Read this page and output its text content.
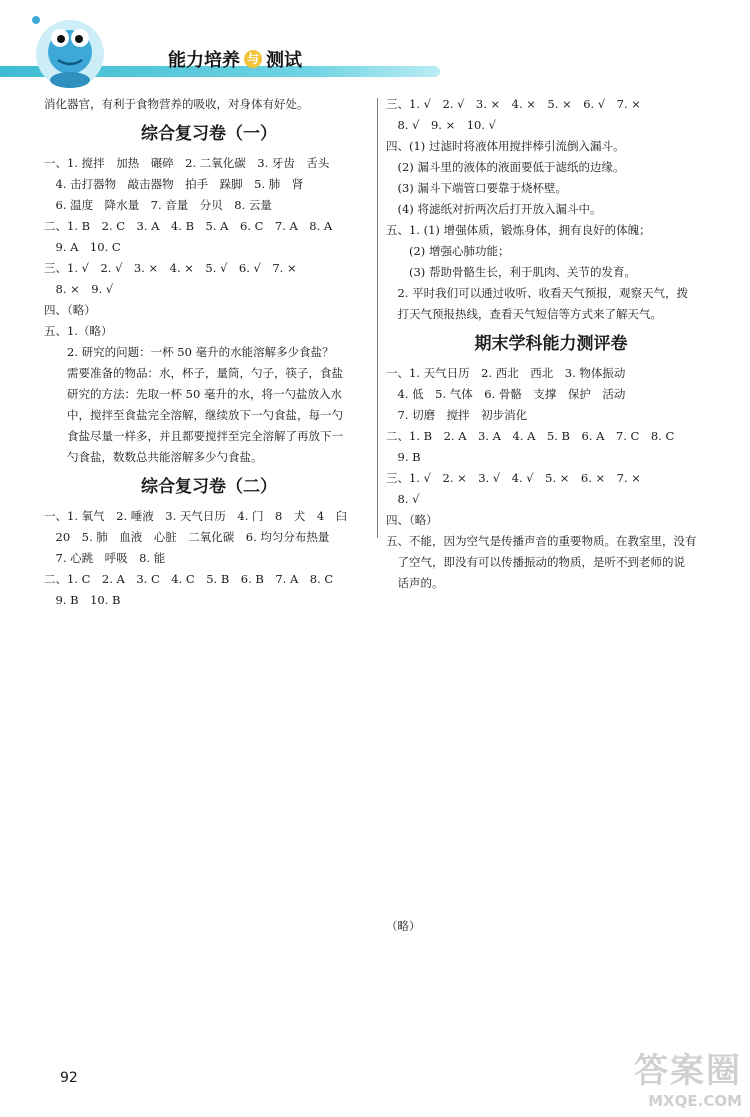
能力培养 与 测试
消化器官，有利于食物营养的吸收，对身体有好处。
综合复习卷（一）
一、1. 搅拌　加热　碾碎　2. 二氧化碳　3. 牙齿　舌头
　4. 击打器物　敲击器物　拍手　跺脚　5. 肺　肾
　6. 温度　降水量　7. 音量　分贝　8. 云量
二、1. B　2. C　3. A　4. B　5. A　6. C　7. A　8. A
　9. A　10. C
三、1. √　2. √　3. ×　4. ×　5. √　6. √　7. ×
　8. ×　9. √
四、（略）
五、1.（略）
　　2. 研究的问题：一杯 50 毫升的水能溶解多少食盐？
　　需要准备的物品：水，杯子，量筒，勺子，筷子，食盐
　　研究的方法：先取一杯 50 毫升的水，将一勺盐放入水
　　中，搅拌至食盐完全溶解，继续放下一勺食盐，每一勺
　　食盐尽量一样多，并且都要搅拌至完全溶解了再放下一
　　勺食盐，数数总共能溶解多少勺食盐。
综合复习卷（二）
一、1. 氧气　2. 唾液　3. 天气日历　4. 门　8　犬　4　臼
　20　5. 肺　血液　心脏　二氧化碳　6. 均匀分布热量
　7. 心跳　呼吸　8. 能
二、1. C　2. A　3. C　4. C　5. B　6. B　7. A　8. C
　9. B　10. B
三、1. √　2. √　3. ×　4. ×　5. ×　6. √　7. ×
　8. √　9. ×　10. √
四、(1) 过滤时将液体用搅拌棒引流倒入漏斗。
　(2) 漏斗里的液体的液面要低于滤纸的边缘。
　(3) 漏斗下端管口要靠于烧杯壁。
　(4) 将滤纸对折两次后打开放入漏斗中。
五、1. (1) 增强体质，锻炼身体，拥有良好的体魄；
　　(2) 增强心肺功能；
　　(3) 帮助骨骼生长，利于肌肉、关节的发育。
　2. 平时我们可以通过收听、收看天气预报，观察天气，拨
　打天气预报热线，查看天气短信等方式来了解天气。
期末学科能力测评卷
一、1. 天气日历　2. 西北　西北　3. 物体振动
　4. 低　5. 气体　6. 骨骼　支撑　保护　活动
　7. 切磨　搅拌　初步消化
二、1. B　2. A　3. A　4. A　5. B　6. A　7. C　8. C
　9. B
三、1. √　2. ×　3. √　4. √　5. ×　6. ×　7. ×
　8. √
四、（略）
五、不能，因为空气是传播声音的重要物质。在教室里，没有
　了空气，即没有可以传播振动的物质，是听不到老师的说
　话声的。
（略）
92	答案圈
MXQE.COM
